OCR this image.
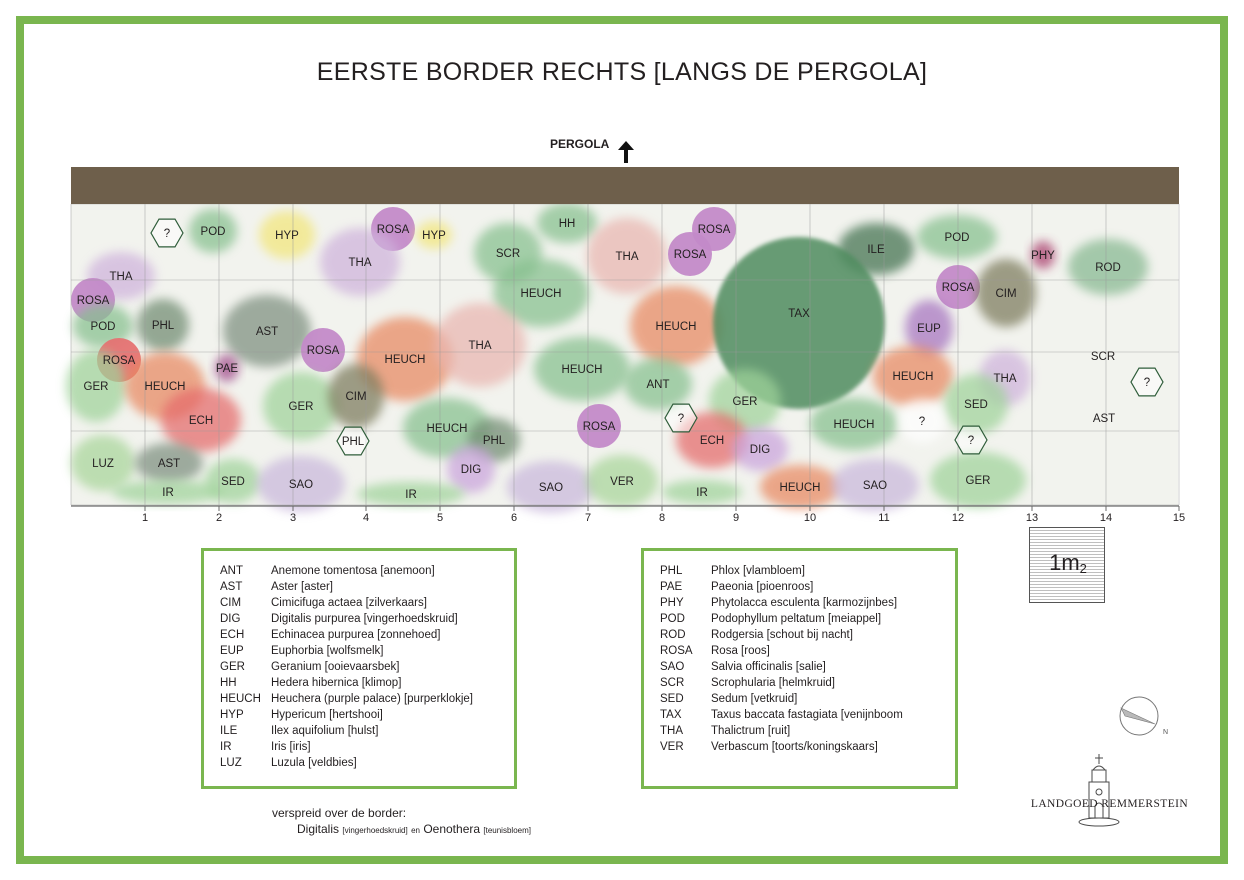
EERSTE BORDER RECHTS [LANGS DE PERGOLA]
PERGOLA
THA
?	POD	HYP	ROSA HYP
THA
SCR
HH
THA
ROSA
ROSA	ILE
POD
PHY
ROD
ROSA
POD	PHL	AST
HEUCH
HEUCH
TAX
ROSA CIM
EUP
ROSA
ROSA
HEUCH
THA
SCR
GER	HEUCH
PAE	HEUCH
ANT
HEUCH	THA	?
GER
CIM	GER	SED
AST
ECH
HEUCH	ROSA
?
ECH
HEUCH
PHL	?
?
PHL
DIG
DIG
LUZ	AST
IR
SED	SAO
IR
SAO	VER
IR	HEUCH	SAO	GER
1	2	3	4	5	6	7	8	9	10	11	12	13	14	15
ANT Anemone tomentosa [anemoon]
AST Aster [aster]
CIM	Cimicifuga actaea [zilverkaars]
DIG	Digitalis purpurea [vingerhoedskruid]
ECH Echinacea purpurea [zonnehoed]
EUP Euphorbia [wolfsmelk]
GER Geranium [ooievaarsbek]
HH	Hedera hibernica [klimop]
HEUCH Heuchera (purple palace) [purperklokje]
HYP Hypericum [hertshooi]
ILE	Ilex aquifolium [hulst]
IR	Iris [iris]
LUZ	Luzula [veldbies]
PHL Phlox [vlambloem]
PAE	Paeonia [pioenroos]
PHY Phytolacca esculenta [karmozijnbes]
POD Podophyllum peltatum [meiappel]
ROD Rodgersia [schout bij nacht]
ROSA Rosa [roos]
SAO Salvia officinalis [salie]
SCR Scrophularia [helmkruid]
SED Sedum [vetkruid]
TAX	Taxus baccata fastagiata [venijnboom
THA Thalictrum [ruit]
VER Verbascum [toorts/koningskaars]
verspreid over de border:
Digitalis [vingerhoedskruid] en Oenothera [teunisbloem]
$1m_2$
N
LANDGOED REMMERSTEIN
